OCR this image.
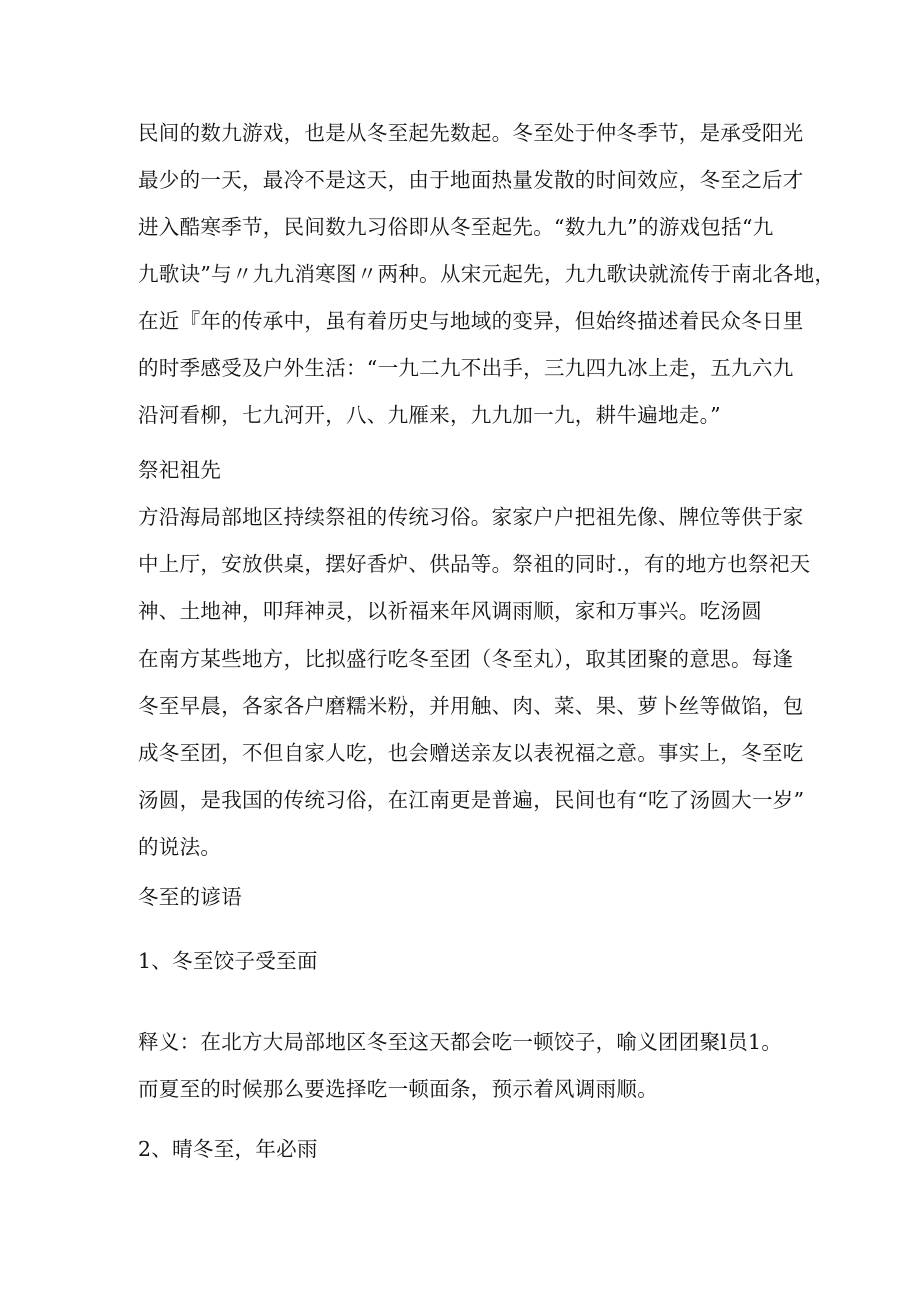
民间的数九游戏，也是从冬至起先数起。冬至处于仲冬季节，是承受阳光
最少的一天，最冷不是这天，由于地面热量发散的时间效应，冬至之后才
进入酷寒季节，民间数九习俗即从冬至起先。“数九九”的游戏包括“九
九歌诀”与〃九九消寒图〃两种。从宋元起先，九九歌诀就流传于南北各地，
在近『年的传承中，虽有着历史与地域的变异，但始终描述着民众冬日里
的时季感受及户外生活：“一九二九不出手，三九四九冰上走，五九六九
沿河看柳，七九河开，八、九雁来，九九加一九，耕牛遍地走。”
祭祀祖先
方沿海局部地区持续祭祖的传统习俗。家家户户把祖先像、牌位等供于家
中上厅，安放供桌，摆好香炉、供品等。祭祖的同时.，有的地方也祭祀天
神、土地神，叩拜神灵，以祈福来年风调雨顺，家和万事兴。吃汤圆
在南方某些地方，比拟盛行吃冬至团（冬至丸），取其团聚的意思。每逢
冬至早晨，各家各户磨糯米粉，并用触、肉、菜、果、萝卜丝等做馅，包
成冬至团，不但自家人吃，也会赠送亲友以表祝福之意。事实上，冬至吃
汤圆，是我国的传统习俗，在江南更是普遍，民间也有“吃了汤圆大一岁”
的说法。
冬至的谚语
1、冬至饺子受至面
释义：在北方大局部地区冬至这天都会吃一顿饺子，喻义团团聚l员1。
而夏至的时候那么要选择吃一顿面条，预示着风调雨顺。
2、晴冬至，年必雨
